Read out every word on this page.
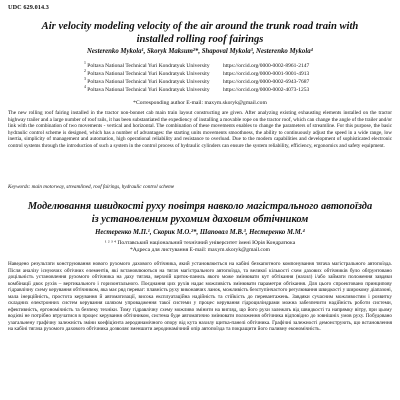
UDC 629.014.3
Air velocity modeling velocity of the air around the trunk road train with installed rolling roof fairings
Nesterenko Mykola¹, Skoryk Maksum²*, Shapoval Mykola³, Nesterenko Mykola⁴
$^1$ Poltava National Technical Yuri Kondratyuk University https://orcid.org/0000-0002-8961-2147
$^2$ Poltava National Technical Yuri Kondratyuk University https://orcid.org/0000-0001-9001-4913
$^3$ Poltava National Technical Yuri Kondratyuk University https://orcid.org/0000-0002-6943-7687
$^4$ Poltava National Technical Yuri Kondratyuk University https://orcid.org/0000-0002-4073-1253
*Corresponding author E-mail: maxym.skoryk@gmail.com
The new rolling roof fairing installed in the tractor non-bonnet cab main train layout constructing are given. After analyzing existing exhausting elements installed on the tractor highway trailer and a large number of roof rails, it has been substantiated the expediency of installing a movable rope on the tractor roof, which can change the angle of the trailer and/or link with the combination of two movements - vertical and horizontal. The combination of these movements enables to change the parameters of streamline. For this purpose, the basic hydraulic control scheme is designed, which has a number of advantages: the starting units movements smoothness, the ability to continuously adjust the speed in a wide range, low inertia, simplicity of management and automation, high operational reliability and resistance to overload. Due to the modern capabilities and development of sophisticated electronic control systems through the introduction of such a system in the control process of hydraulic cylinders can ensure the system reliability, efficiency, ergonomics and safety equipment.
Keywords: main motorway, streamlined, roof fairings, hydraulic control scheme
Моделювання швидкості руху повітря навколо магістрального автопоїзда із установленим рухомим даховим обтічником
Нестеренко М.П.¹, Скорик М.О.²*, Шаповал М.В.³, Нестеренко М.М.⁴
¹ ² ³ ⁴ Полтавський національний технічний університет імені Юрія Кондратюка
*Адреса для листування E-mail: maxym.skoryk@gmail.com
Наведено результати конструювання нового рухомого дахового обтічника, який установлюється на кабіні безкапотного компонування тягача магістрального автопоїзда. Після аналізу існуючих обтічних елементів, які встановлюються на тягач магістрального автопоїзда, та великої кількості схем дахових обтічників було обґрунтовано доцільність установлення рухомого обтічника на даху тягача, верхній щиток-панель якого може змінювати кут обтікання (нахил) і/або займати положення завдяки комбінації двох рухів – вертикального і горизонтального. Поєднання цих рухів надає можливість змінювати параметри обтікання. Для цього спроектовано принципову гідравлічну схему керування обтічником, яка має ряд переваг: плавність руху виконавчих ланок, можливість безступінчастого регулювання швидкості у широкому діапазоні, мала інерційність, простота керування й автоматизації, висока експлуатаційна надійність та стійкість до перевантажень. Завдяки сучасним можливостям і розвитку складних електронних систем керування шляхом упровадження такої системи у процес керування гідроциліндрами можна забезпечити надійність роботи системи, ефективність, ергономічність та безпеку техніки. Тому гідравлічну схему можливо змінити на вигляд, що його рухи залежать від швидкості та напрямку вітру, при цьому водієві не потрібно втручатися в процес керування обтічником, система буде автоматично змінювати положення обтічника відповідно до зовнішніх умов руху. Побудовано узагальнену графічну залежність зміни коефіцієнта аеродинамічного опору від кута нахилу щитка-панелі обтічника. Графічні залежності демонструють, що встановлення на кабіні тягача рухомого дахового обтічника дозволяє зменшити аеродинамічний опір автопоїзда та покращити його паливну економічність.
